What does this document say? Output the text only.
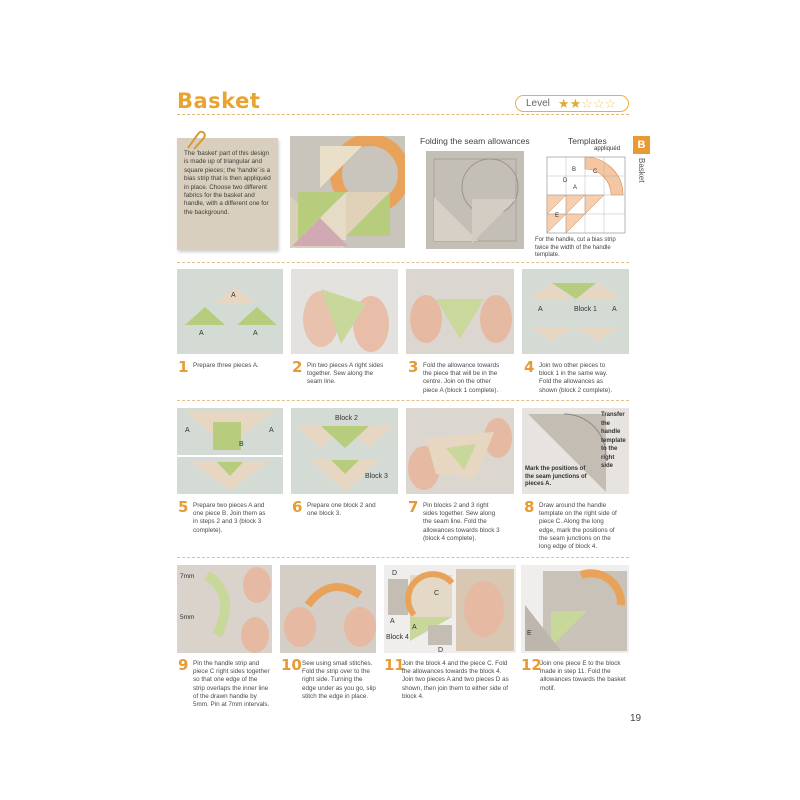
Basket	Level ★★☆☆☆
B
Basket
The 'basket' part of this design is made up of triangular and square pieces; the 'handle' is a bias strip that is then appliquéd in place. Choose two different fabrics for the basket and handle, with a different one for the background.
Folding the seam allowances	Templates
appliquéd
B	C
D
A
E
For the handle, cut a bias strip twice the width of the handle template.
A
A	A
A	Block 1 A
1 Prepare three pieces A.	2 Pin two pieces A right sides together. Sew along the seam line.
3 Fold the allowance towards the piece that will be in the centre. Join on the other piece A (block 1 complete).
4 Join two other pieces to block 1 in the same way. Fold the allowances as shown (block 2 complete).
A	A
B
Block 2
Block 3
Transfer the handle template to the right side
Mark the positions of the seam junctions of pieces A.
5 Prepare two pieces A and one piece B. Join them as in steps 2 and 3 (block 3 complete).
6 Prepare one block 2 and one block 3.	7 Pin blocks 2 and 3 right sides together. Sew along the seam line. Fold the allowances towards block 3 (block 4 complete).
8 Draw around the handle template on the right side of piece C. Along the long edge, mark the positions of the seam junctions on the long edge of block 4.
7mm
5mm
D
C
A
A
Block 4
D
E
9 Pin the handle strip and piece C right sides together so that one edge of the strip overlaps the inner line of the drawn handle by 5mm. Pin at 7mm intervals.
10 Sew using small stitches. Fold the strip over to the right side. Turning the edge under as you go, slip stitch the edge in place.
11
Join the block 4 and the piece C. Fold the allowances towards the block 4. Join two pieces A and two pieces D as shown, then join them to either side of block 4.
12
Join one piece E to the block made in step 11. Fold the allowances towards the basket motif.
19
